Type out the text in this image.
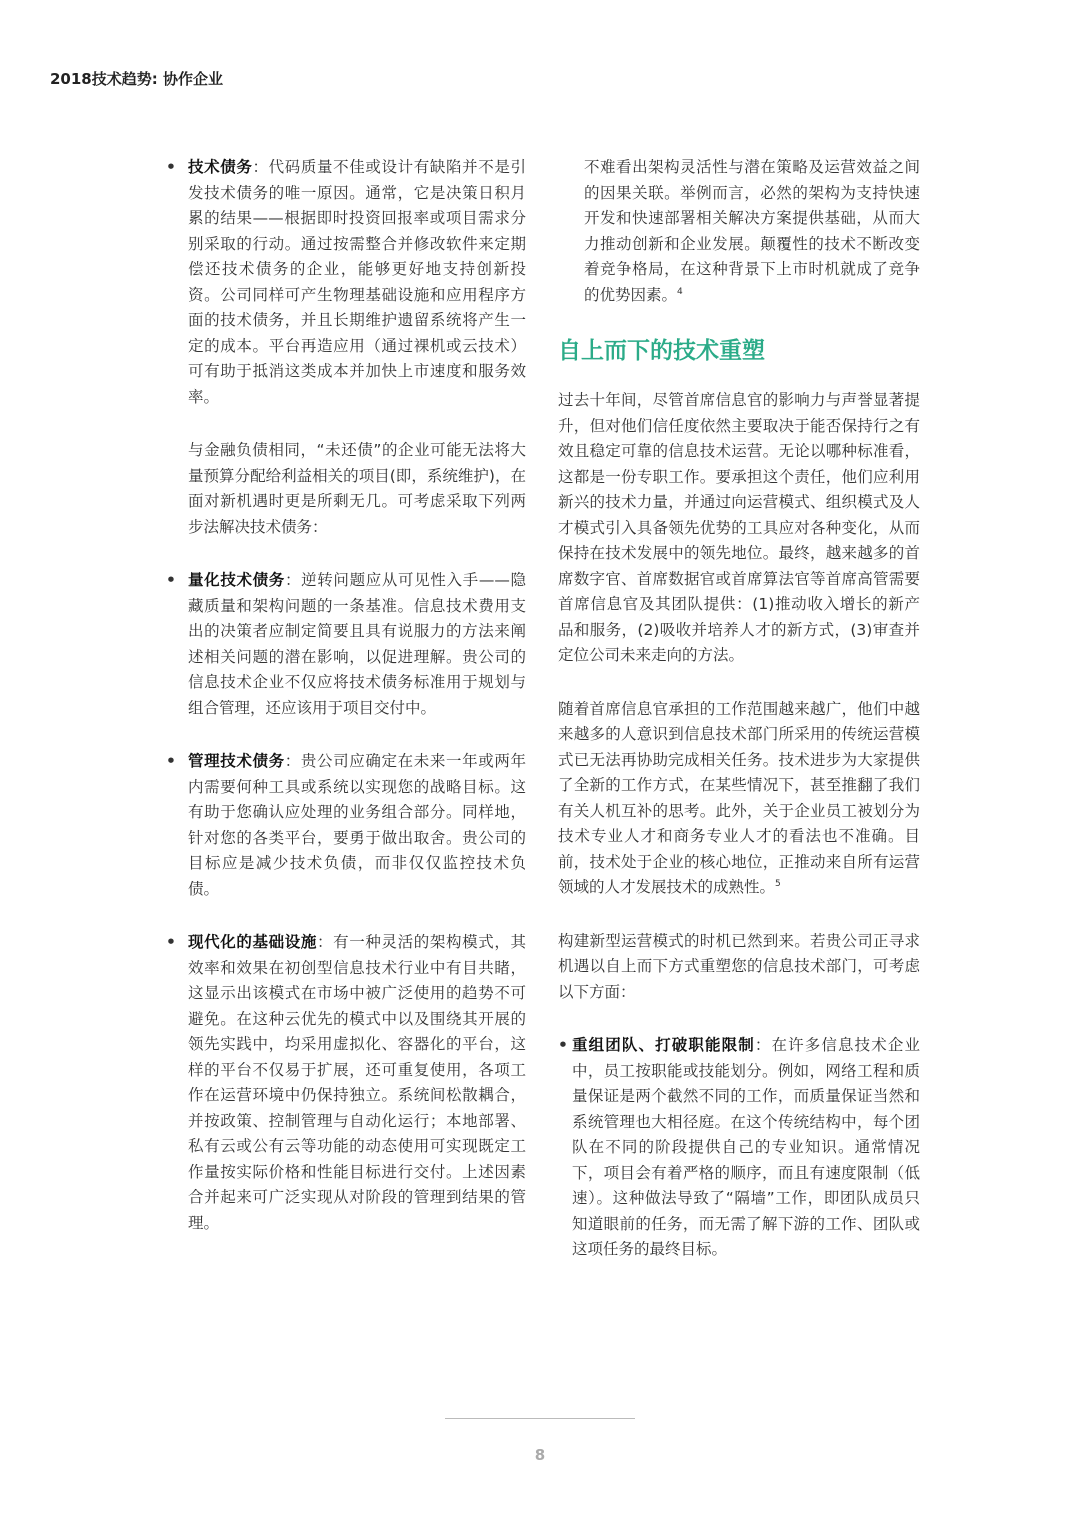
2018技术趋势: 协作企业
• 技术债务：代码质量不佳或设计有缺陷并不是引发技术债务的唯一原因。通常，它是决策日积月累的结果——根据即时投资回报率或项目需求分别采取的行动。通过按需整合并修改软件来定期偿还技术债务的企业，能够更好地支持创新投资。公司同样可产生物理基础设施和应用程序方面的技术债务，并且长期维护遗留系统将产生一定的成本。平台再造应用（通过裸机或云技术）可有助于抵消这类成本并加快上市速度和服务效率。

与金融负债相同，“未还债”的企业可能无法将大量预算分配给利益相关的项目(即，系统维护)，在面对新机遇时更是所剩无几。可考虑采取下列两步法解决技术债务：

• 量化技术债务：逆转问题应从可见性入手——隐藏质量和架构问题的一条基准。信息技术费用支出的决策者应制定简要且具有说服力的方法来阐述相关问题的潜在影响，以促进理解。贵公司的信息技术企业不仅应将技术债务标准用于规划与组合管理，还应该用于项目交付中。
• 管理技术债务：贵公司应确定在未来一年或两年内需要何种工具或系统以实现您的战略目标。这有助于您确认应处理的业务组合部分。同样地，针对您的各类平台，要勇于做出取舍。贵公司的目标应是减少技术负债，而非仅仅监控技术负债。
• 现代化的基础设施：有一种灵活的架构模式，其效率和效果在初创型信息技术行业中有目共睹，这显示出该模式在市场中被广泛使用的趋势不可避免。在这种云优先的模式中以及围绕其开展的领先实践中，均采用虚拟化、容器化的平台，这样的平台不仅易于扩展，还可重复使用，各项工作在运营环境中仍保持独立。系统间松散耦合，并按政策、控制管理与自动化运行；本地部署、私有云或公有云等功能的动态使用可实现既定工作量按实际价格和性能目标进行交付。上述因素合并起来可广泛实现从对阶段的管理到结果的管理。

不难看出架构灵活性与潜在策略及运营效益之间的因果关联。举例而言，必然的架构为支持快速开发和快速部署相关解决方案提供基础，从而大力推动创新和企业发展。颠覆性的技术不断改变着竞争格局，在这种背景下上市时机就成了竞争的优势因素。$^4$

自上而下的技术重塑

过去十年间，尽管首席信息官的影响力与声誉显著提升，但对他们信任度依然主要取决于能否保持行之有效且稳定可靠的信息技术运营。无论以哪种标准看，这都是一份专职工作。要承担这个责任，他们应利用新兴的技术力量，并通过向运营模式、组织模式及人才模式引入具备领先优势的工具应对各种变化，从而保持在技术发展中的领先地位。最终，越来越多的首席数字官、首席数据官或首席算法官等首席高管需要首席信息官及其团队提供：(1)推动收入增长的新产品和服务，(2)吸收并培养人才的新方式，(3)审查并定位公司未来走向的方法。

随着首席信息官承担的工作范围越来越广，他们中越来越多的人意识到信息技术部门所采用的传统运营模式已无法再协助完成相关任务。技术进步为大家提供了全新的工作方式，在某些情况下，甚至推翻了我们有关人机互补的思考。此外，关于企业员工被划分为技术专业人才和商务专业人才的看法也不准确。目前，技术处于企业的核心地位，正推动来自所有运营领域的人才发展技术的成熟性。$^5$

构建新型运营模式的时机已然到来。若贵公司正寻求机遇以自上而下方式重塑您的信息技术部门，可考虑以下方面：

• 重组团队、打破职能限制：在许多信息技术企业中，员工按职能或技能划分。例如，网络工程和质量保证是两个截然不同的工作，而质量保证当然和系统管理也大相径庭。在这个传统结构中，每个团队在不同的阶段提供自己的专业知识。通常情况下，项目会有着严格的顺序，而且有速度限制（低速）。这种做法导致了“隔墙”工作，即团队成员只知道眼前的任务，而无需了解下游的工作、团队或这项任务的最终目标。
8
